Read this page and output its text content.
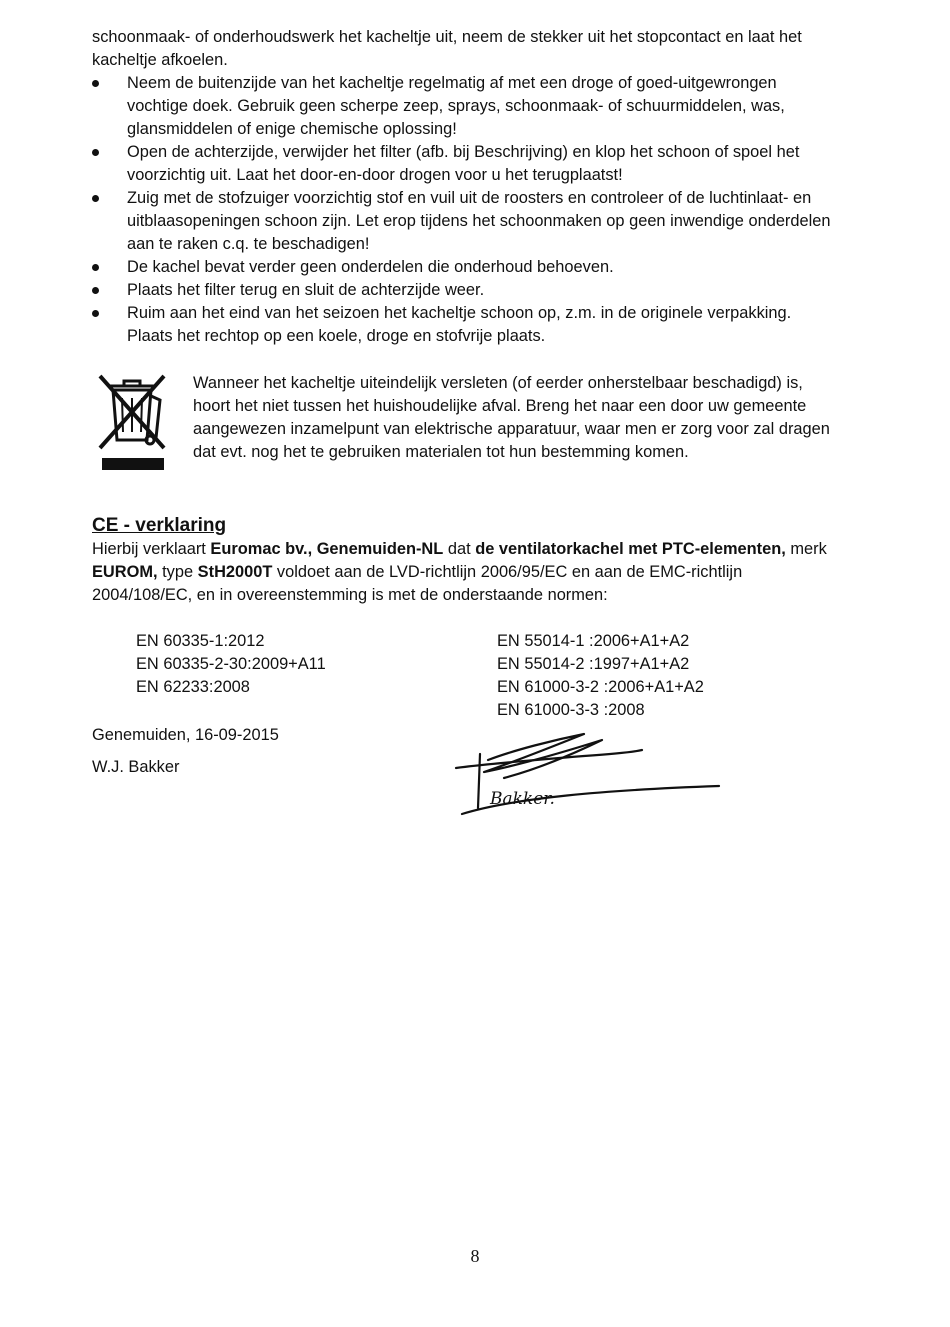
schoonmaak- of onderhoudswerk het kacheltje uit, neem de stekker uit het stopcontact en laat het kacheltje afkoelen.

Neem de buitenzijde van het kacheltje regelmatig af met een droge of goed-uitgewrongen vochtige doek. Gebruik geen scherpe zeep, sprays, schoonmaak- of schuurmiddelen, was, glansmiddelen of enige chemische oplossing!
Open de achterzijde, verwijder het filter (afb. bij Beschrijving) en klop het schoon of spoel het voorzichtig uit. Laat het door-en-door drogen voor u het terugplaatst!
Zuig met de stofzuiger voorzichtig stof en vuil uit de roosters en controleer of de luchtinlaat- en uitblaasopeningen schoon zijn. Let erop tijdens het schoonmaken op geen inwendige onderdelen aan te raken c.q. te beschadigen!
De kachel bevat verder geen onderdelen die onderhoud behoeven.
Plaats het filter terug en sluit de achterzijde weer.
Ruim aan het eind van het seizoen het kacheltje schoon op, z.m. in de originele verpakking. Plaats het rechtop op een koele, droge en stofvrije plaats.
Wanneer het kacheltje uiteindelijk versleten (of eerder onherstelbaar beschadigd) is, hoort het niet tussen het huishoudelijke afval. Breng het naar een door uw gemeente aangewezen inzamelpunt van elektrische apparatuur, waar men er zorg voor zal dragen dat evt. nog het te gebruiken materialen tot hun bestemming komen.
CE - verklaring

Hierbij verklaart Euromac bv., Genemuiden-NL dat de ventilatorkachel met PTC-elementen, merk EUROM, type StH2000T voldoet aan de LVD-richtlijn 2006/95/EC en aan de EMC-richtlijn 2004/108/EC, en in overeenstemming is met de onderstaande normen:

EN 60335-1:2012
EN 60335-2-30:2009+A11
EN 62233:2008
EN 55014-1 :2006+A1+A2
EN 55014-2 :1997+A1+A2
EN 61000-3-2 :2006+A1+A2
EN 61000-3-3 :2008
Genemuiden, 16-09-2015
W.J. Bakker
Bakker.
8
